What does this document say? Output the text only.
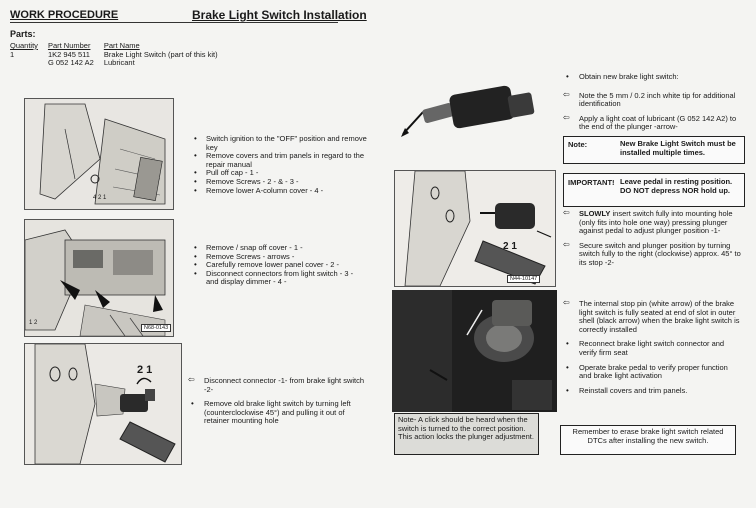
WORK PROCEDURE	Brake Light Switch Installation
Parts:
Quantity	Part Number	Part Name
1	1K2 945 511	Brake Light Switch (part of this kit)
	G 052 142 A2	Lubricant
4 2 1
• Switch ignition to the "OFF" position and remove key
• Remove covers and trim panels in regard to the repair manual
• Pull off cap - 1 -
• Remove Screws - 2 - & - 3 -
• Remove lower A-column cover - 4 -
1 2
N68-0143
• Remove / snap off cover - 1 -
• Remove Screws - arrows -
• Carefully remove lower panel cover - 2 -
• Disconnect connectors from light switch - 3 - and display dimmer - 4 -
2 1
⇦ Disconnect connector -1- from brake light switch -2-
• Remove old brake light switch by turning left (counterclockwise 45°) and pulling it out of retainer mounting hole
2 1
N44-10147
Note- A click should be heard when the switch is turned to the correct position. This action locks the plunger adjustment.
• Obtain new brake light switch:
⇦ Note the 5 mm / 0.2 inch white tip for additional identification
⇦ Apply a light coat of lubricant (G 052 142 A2) to the end of the plunger -arrow-
Note:	New Brake Light Switch must be installed multiple times.
IMPORTANT! Leave pedal in resting position. DO NOT depress NOR hold up.
⇦ SLOWLY insert switch fully into mounting hole (only fits into hole one way) pressing plunger against pedal to adjust plunger position -1-
⇦ Secure switch and plunger position by turning switch fully to the right (clockwise) approx. 45° to its stop -2-
⇦ The internal stop pin (white arrow) of the brake light switch is fully seated at end of slot in outer shell (black arrow) when the brake light switch is correctly installed
• Reconnect brake light switch connector and verify firm seat
• Operate brake pedal to verify proper function and brake light activation
• Reinstall covers and trim panels.
Remember to erase brake light switch related DTCs after installing the new switch.
